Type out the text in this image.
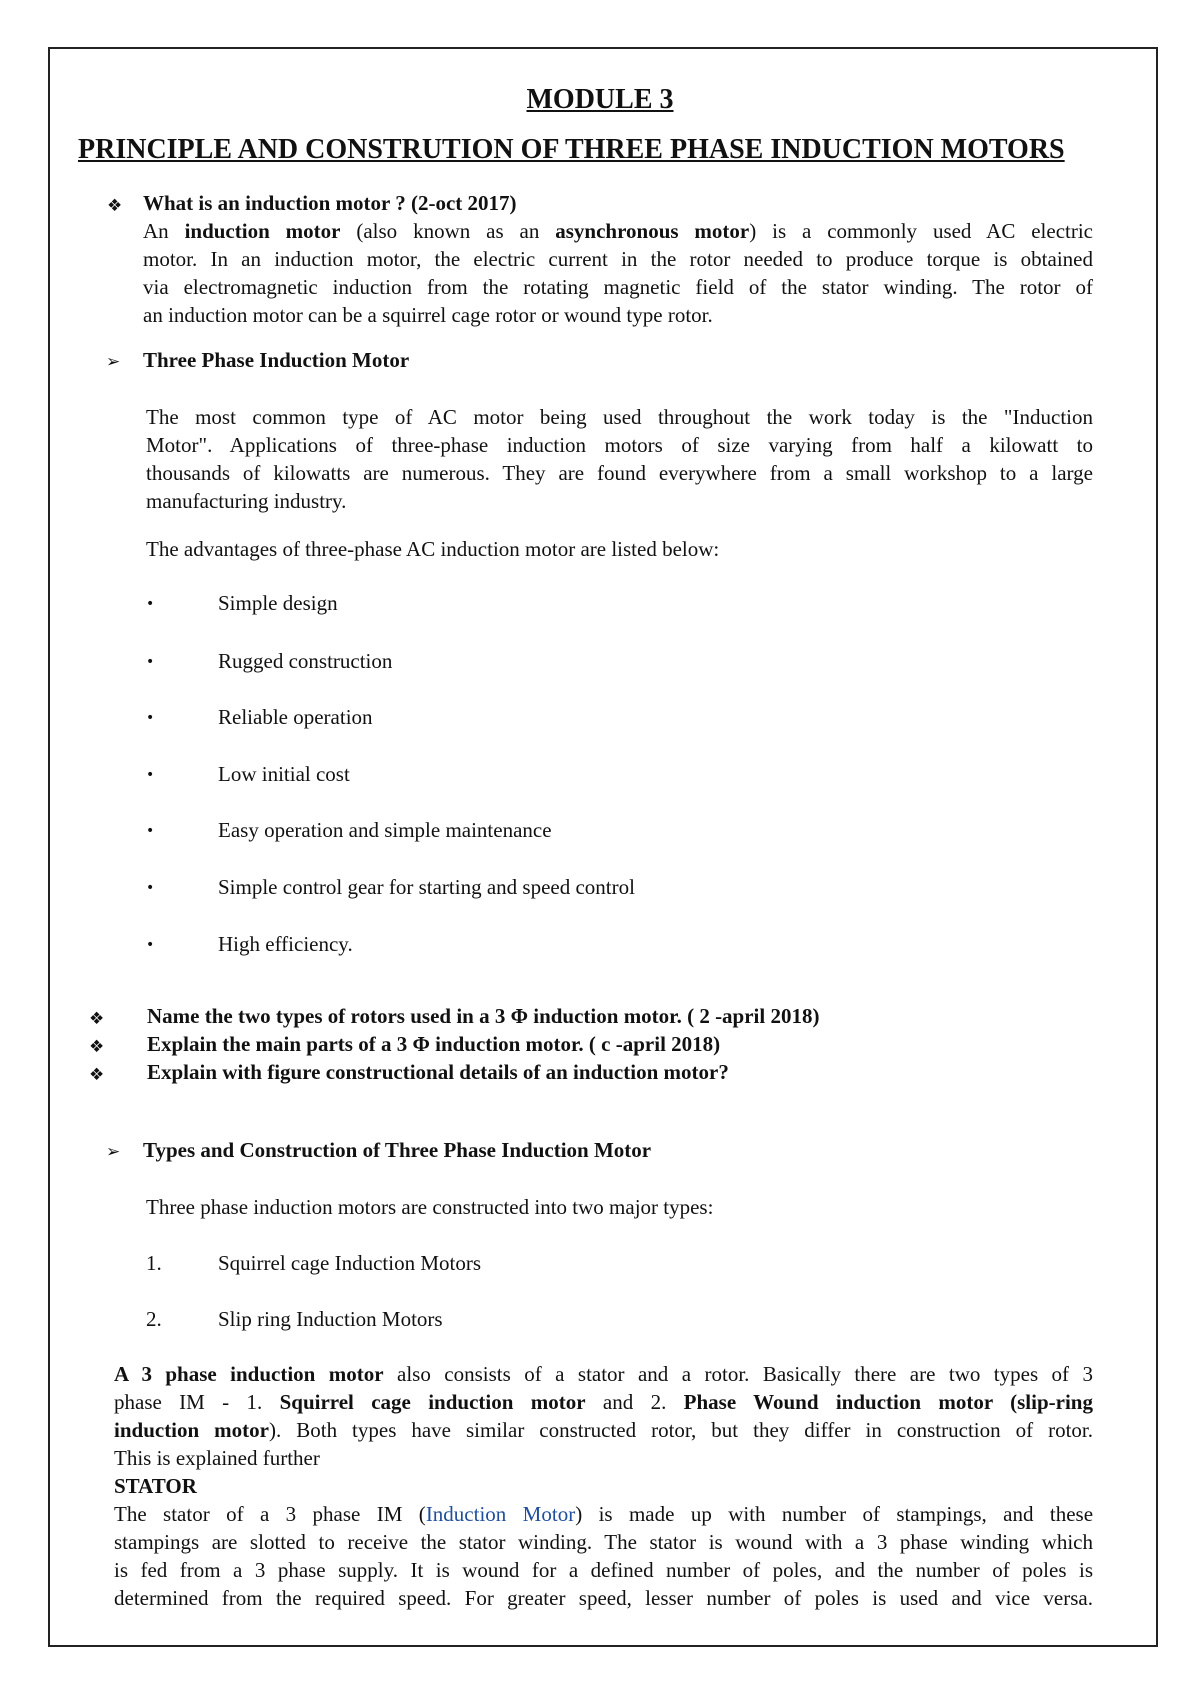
MODULE 3
PRINCIPLE AND CONSTRUTION OF THREE PHASE INDUCTION MOTORS
❖ What is an induction motor ? (2-oct 2017)
An induction motor (also known as an asynchronous motor) is a commonly used AC electric
motor. In an induction motor, the electric current in the rotor needed to produce torque is obtained
via electromagnetic induction from the rotating magnetic field of the stator winding. The rotor of
an induction motor can be a squirrel cage rotor or wound type rotor.
➢ Three Phase Induction Motor
The most common type of AC motor being used throughout the work today is the "Induction
Motor". Applications of three-phase induction motors of size varying from half a kilowatt to
thousands of kilowatts are numerous. They are found everywhere from a small workshop to a large
manufacturing industry.
The advantages of three-phase AC induction motor are listed below:
•	Simple design
•	Rugged construction
•	Reliable operation
•	Low initial cost
•	Easy operation and simple maintenance
•	Simple control gear for starting and speed control
•	High efficiency.
❖ Name the two types of rotors used in a 3 Φ induction motor. ( 2 -april 2018)
❖ Explain the main parts of a 3 Φ induction motor. ( c -april 2018)
❖ Explain with figure constructional details of an induction motor?
➢ Types and Construction of Three Phase Induction Motor
Three phase induction motors are constructed into two major types:
1.	Squirrel cage Induction Motors
2.	Slip ring Induction Motors
A 3 phase induction motor also consists of a stator and a rotor. Basically there are two types of 3
phase IM - 1. Squirrel cage induction motor and 2. Phase Wound induction motor (slip-ring
induction motor). Both types have similar constructed rotor, but they differ in construction of rotor.
This is explained further
STATOR
The stator of a 3 phase IM (Induction Motor) is made up with number of stampings, and these
stampings are slotted to receive the stator winding. The stator is wound with a 3 phase winding which
is fed from a 3 phase supply. It is wound for a defined number of poles, and the number of poles is
determined from the required speed. For greater speed, lesser number of poles is used and vice versa.
